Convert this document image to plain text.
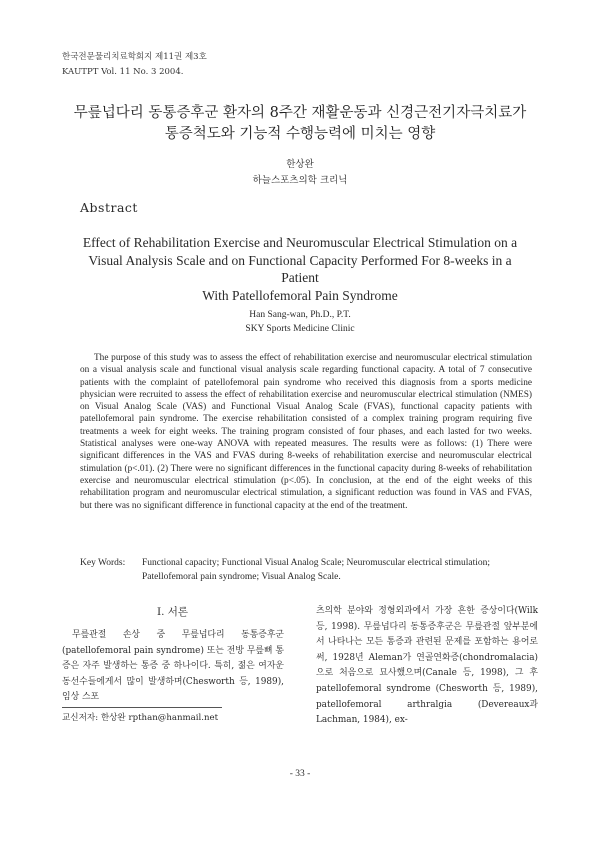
한국전문물리치료학회지 제11권 제3호
KAUTPT Vol. 11 No. 3 2004.
무릎넙다리 동통증후군 환자의 8주간 재활운동과 신경근전기자극치료가
통증척도와 기능적 수행능력에 미치는 영향
한상완
하늘스포츠의학 크리닉
Abstract
Effect of Rehabilitation Exercise and Neuromuscular Electrical Stimulation on a
Visual Analysis Scale and on Functional Capacity Performed For 8-weeks in a
Patient
With Patellofemoral Pain Syndrome
Han Sang-wan, Ph.D., P.T.
SKY Sports Medicine Clinic

The purpose of this study was to assess the effect of rehabilitation exercise and neuromuscular electrical stimulation on a visual analysis scale and functional visual analysis scale regarding functional capacity. A total of 7 consecutive patients with the complaint of patellofemoral pain syndrome who received this diagnosis from a sports medicine physician were recruited to assess the effect of rehabilitation exercise and neuromuscular electrical stimulation (NMES) on Visual Analog Scale (VAS) and Functional Visual Analog Scale (FVAS), functional capacity patients with patellofemoral pain syndrome. The exercise rehabilitation consisted of a complex training program requiring five treatments a week for eight weeks. The training program consisted of four phases, and each lasted for two weeks. Statistical analyses were one-way ANOVA with repeated measures. The results were as follows: (1) There were significant differences in the VAS and FVAS during 8-weeks of rehabilitation exercise and neuromuscular electrical stimulation (p<.01). (2) There were no significant differences in the functional capacity during 8-weeks of rehabilitation exercise and neuromuscular electrical stimulation (p<.05). In conclusion, at the end of the eight weeks of this rehabilitation program and neuromuscular electrical stimulation, a significant reduction was found in VAS and FVAS, but there was no significant difference in functional capacity at the end of the treatment.

Key Words: Functional capacity; Functional Visual Analog Scale; Neuromuscular electrical stimulation; Patellofemoral pain syndrome; Visual Analog Scale.
Ⅰ. 서론

무릎관절 손상 중 무릎넙다리 동통증후군(patellofemoral pain syndrome) 또는 전방 무릎뼈 통증은 자주 발생하는 통증 중 하나이다. 특히, 젊은 여자운동선수들에게서 많이 발생하며(Chesworth 등, 1989), 임상 스포

츠의학 분야와 정형외과에서 가장 흔한 증상이다(Wilk 등, 1998). 무릎넙다리 동통증후군은 무릎관절 앞부분에서 나타나는 모든 통증과 관련된 문제를 포함하는 용어로써, 1928년 Aleman가 연골연화증(chondromalacia)으로 처음으로 묘사했으며(Canale 등, 1998), 그 후 patellofemoral syndrome (Chesworth 등, 1989), patellofemoral arthralgia (Devereaux과 Lachman, 1984), ex-

교신저자: 한상완 rpthan@hanmail.net
- 33 -
